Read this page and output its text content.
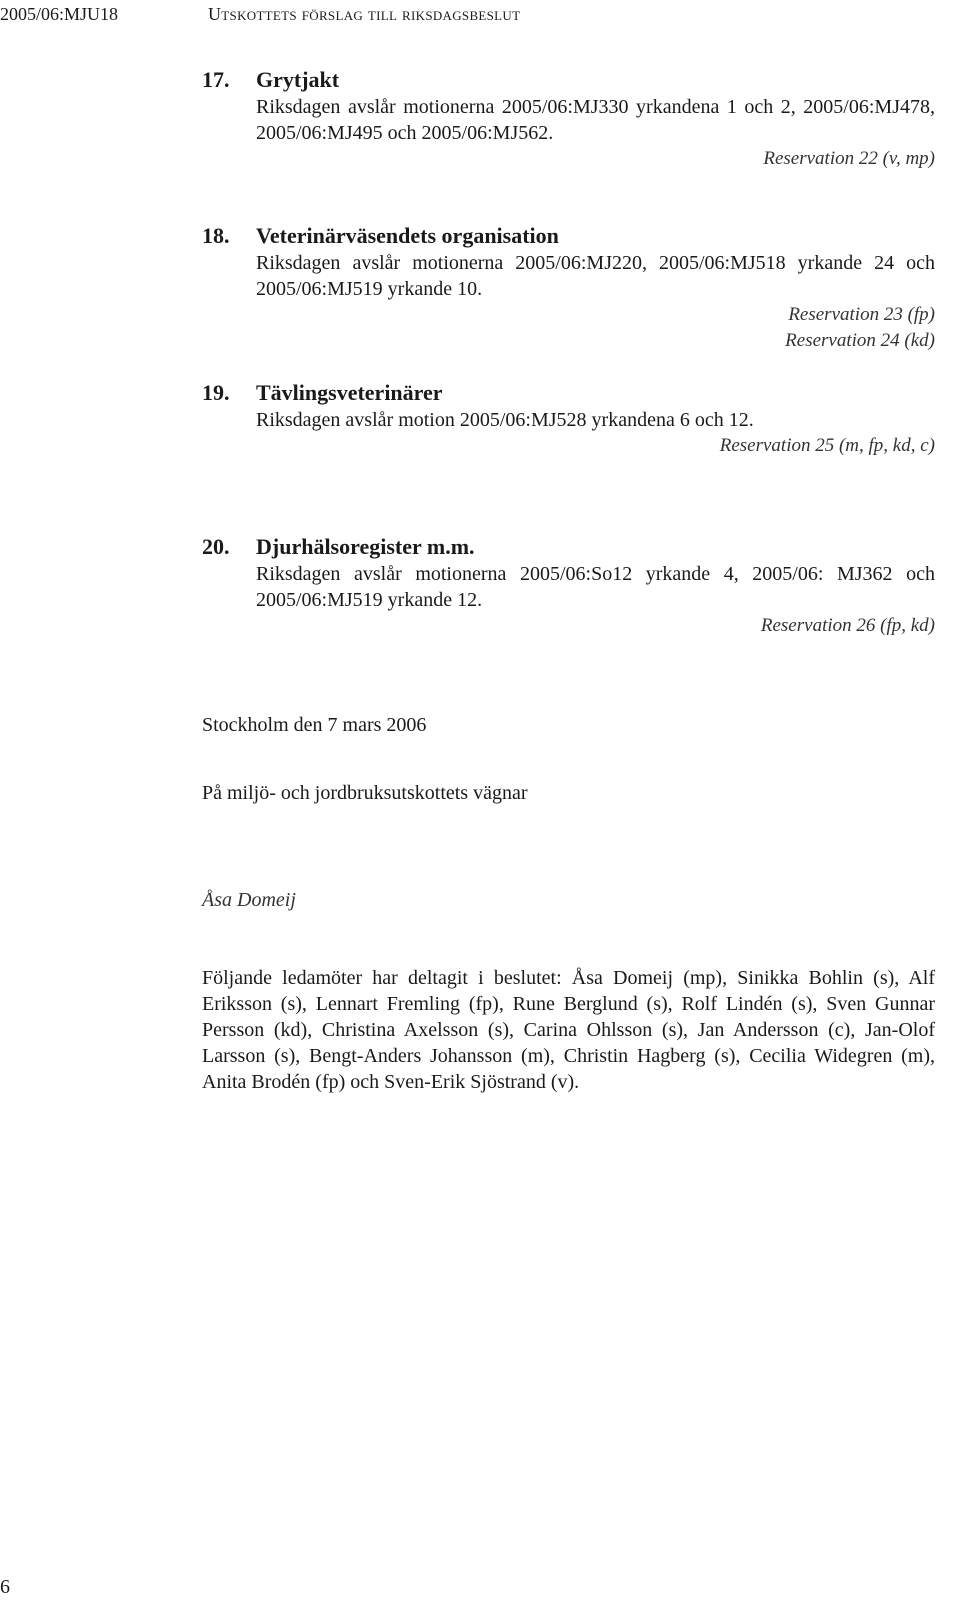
2005/06:MJU18	Utskottets förslag till riksdagsbeslut
17.	Grytjakt
Riksdagen avslår motionerna 2005/06:MJ330 yrkandena 1 och 2, 2005/06:MJ478, 2005/06:MJ495 och 2005/06:MJ562.
Reservation 22 (v, mp)
18.	Veterinärväsendets organisation
Riksdagen avslår motionerna 2005/06:MJ220, 2005/06:MJ518 yrkande 24 och 2005/06:MJ519 yrkande 10.
Reservation 23 (fp)
Reservation 24 (kd)
19.	Tävlingsveterinärer
Riksdagen avslår motion 2005/06:MJ528 yrkandena 6 och 12.
Reservation 25 (m, fp, kd, c)
20.	Djurhälsoregister m.m.
Riksdagen avslår motionerna 2005/06:So12 yrkande 4, 2005/06: MJ362 och 2005/06:MJ519 yrkande 12.
Reservation 26 (fp, kd)
Stockholm den 7 mars 2006
På miljö- och jordbruksutskottets vägnar
Åsa Domeij
Följande ledamöter har deltagit i beslutet: Åsa Domeij (mp), Sinikka Bohlin (s), Alf Eriksson (s), Lennart Fremling (fp), Rune Berglund (s), Rolf Lindén (s), Sven Gunnar Persson (kd), Christina Axelsson (s), Carina Ohlsson (s), Jan Andersson (c), Jan-Olof Larsson (s), Bengt-Anders Johansson (m), Christin Hagberg (s), Cecilia Widegren (m), Anita Brodén (fp) och Sven-Erik Sjöstrand (v).
6
